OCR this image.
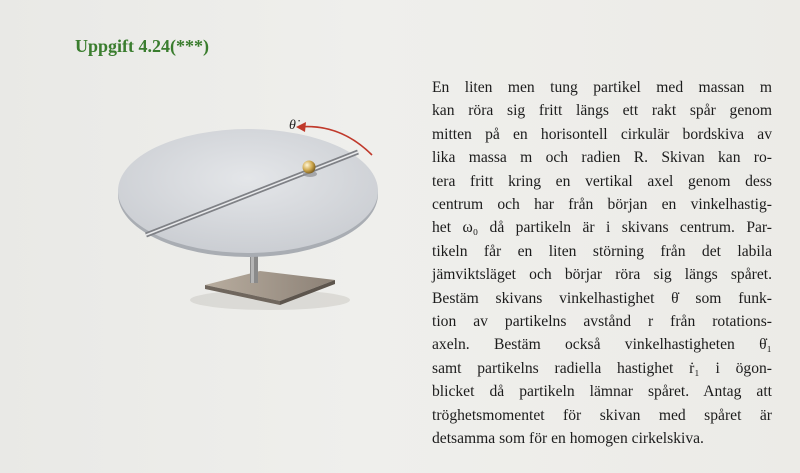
Uppgift 4.24(***)
θ̇
En liten men tung partikel med massan m
kan röra sig fritt längs ett rakt spår genom
mitten på en horisontell cirkulär bordskiva av
lika massa m och radien R. Skivan kan ro-
tera fritt kring en vertikal axel genom dess
centrum och har från början en vinkelhastig-
het ω₀ då partikeln är i skivans centrum. Par-
tikeln får en liten störning från det labila
jämviktsläget och börjar röra sig längs spåret.
Bestäm skivans vinkelhastighet θ̇ som funk-
tion av partikelns avstånd r från rotations-
axeln. Bestäm också vinkelhastigheten θ̇₁
samt partikelns radiella hastighet ṙ₁ i ögon-
blicket då partikeln lämnar spåret. Antag att
tröghetsmomentet för skivan med spåret är
detsamma som för en homogen cirkelskiva.
